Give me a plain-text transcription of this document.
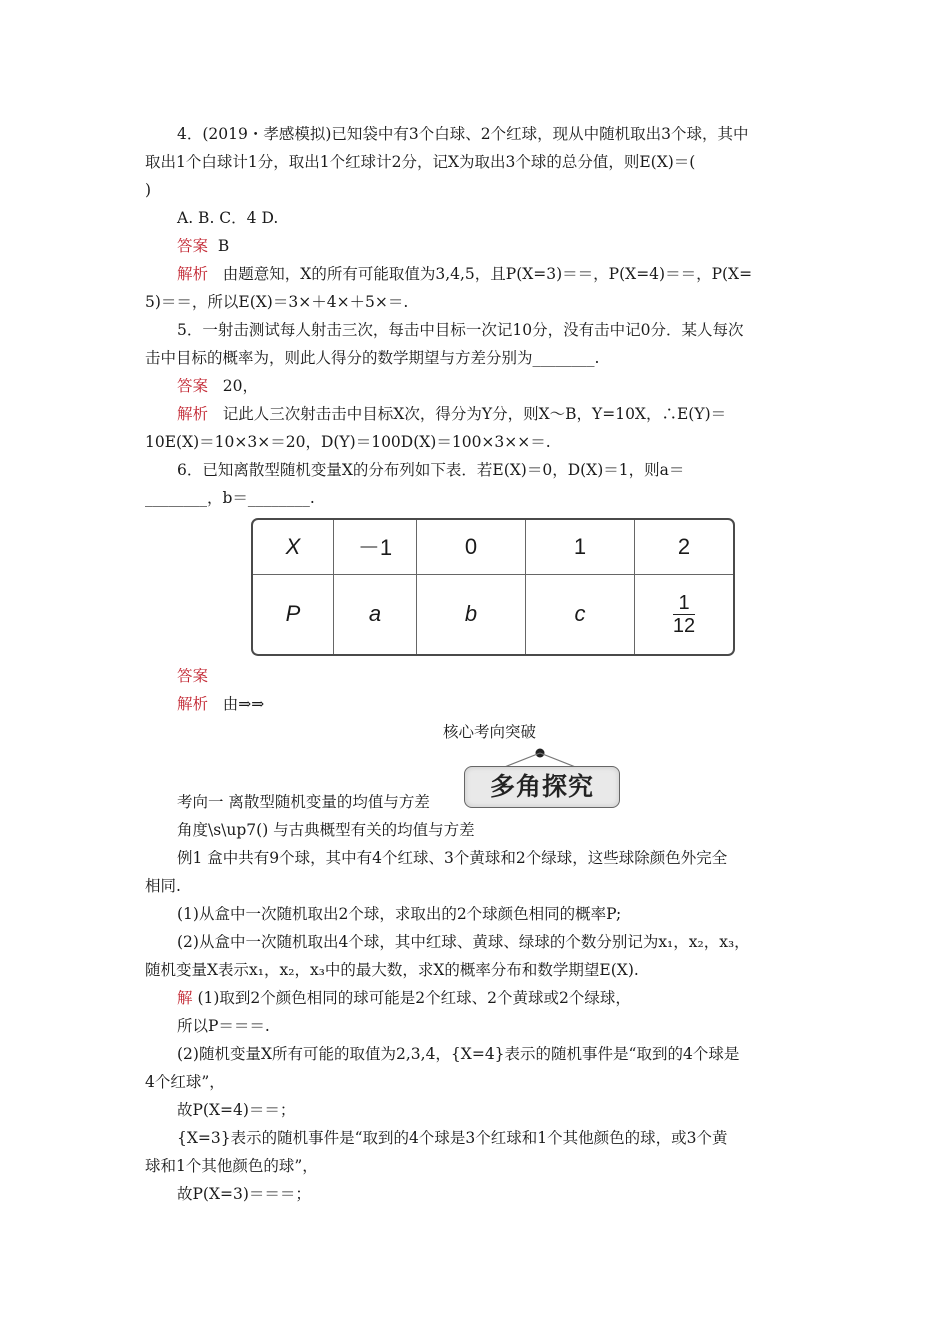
4．(2019・孝感模拟)已知袋中有3个白球、2个红球，现从中随机取出3个球，其中
取出1个白球计1分，取出1个红球计2分，记X为取出3个球的总分值，则E(X)＝(
)
A. B. C．4 D.
答案 B
解析 由题意知，X的所有可能取值为3,4,5，且P(X=3)＝＝，P(X=4)＝＝，P(X=
5)＝＝，所以E(X)＝3×＋4×＋5×＝.
5．一射击测试每人射击三次，每击中目标一次记10分，没有击中记0分．某人每次
击中目标的概率为，则此人得分的数学期望与方差分别为________.
答案 20，
解析 记此人三次射击击中目标X次，得分为Y分，则X～B，Y=10X，∴E(Y)＝
10E(X)＝10×3×＝20，D(Y)＝100D(X)＝100×3××＝.
6．已知离散型随机变量X的分布列如下表．若E(X)＝0，D(X)＝1，则a＝
________，b＝________.
X	－1	0	1	2
P	a	b	c	$\frac{1}{12}$
答案
解析 由⇒⇒
核心考向突破
多角探究
考向一 离散型随机变量的均值与方差
角度\s\up7() 与古典概型有关的均值与方差
例1 盒中共有9个球，其中有4个红球、3个黄球和2个绿球，这些球除颜色外完全
相同.
(1)从盒中一次随机取出2个球，求取出的2个球颜色相同的概率P;
(2)从盒中一次随机取出4个球，其中红球、黄球、绿球的个数分别记为x₁，x₂，x₃，
随机变量X表示x₁，x₂，x₃中的最大数，求X的概率分布和数学期望E(X).
解 (1)取到2个颜色相同的球可能是2个红球、2个黄球或2个绿球，
所以P＝＝＝.
(2)随机变量X所有可能的取值为2,3,4，{X=4}表示的随机事件是“取到的4个球是
4个红球”，
故P(X=4)＝＝；
{X=3}表示的随机事件是“取到的4个球是3个红球和1个其他颜色的球，或3个黄
球和1个其他颜色的球”，
故P(X=3)＝＝＝；
